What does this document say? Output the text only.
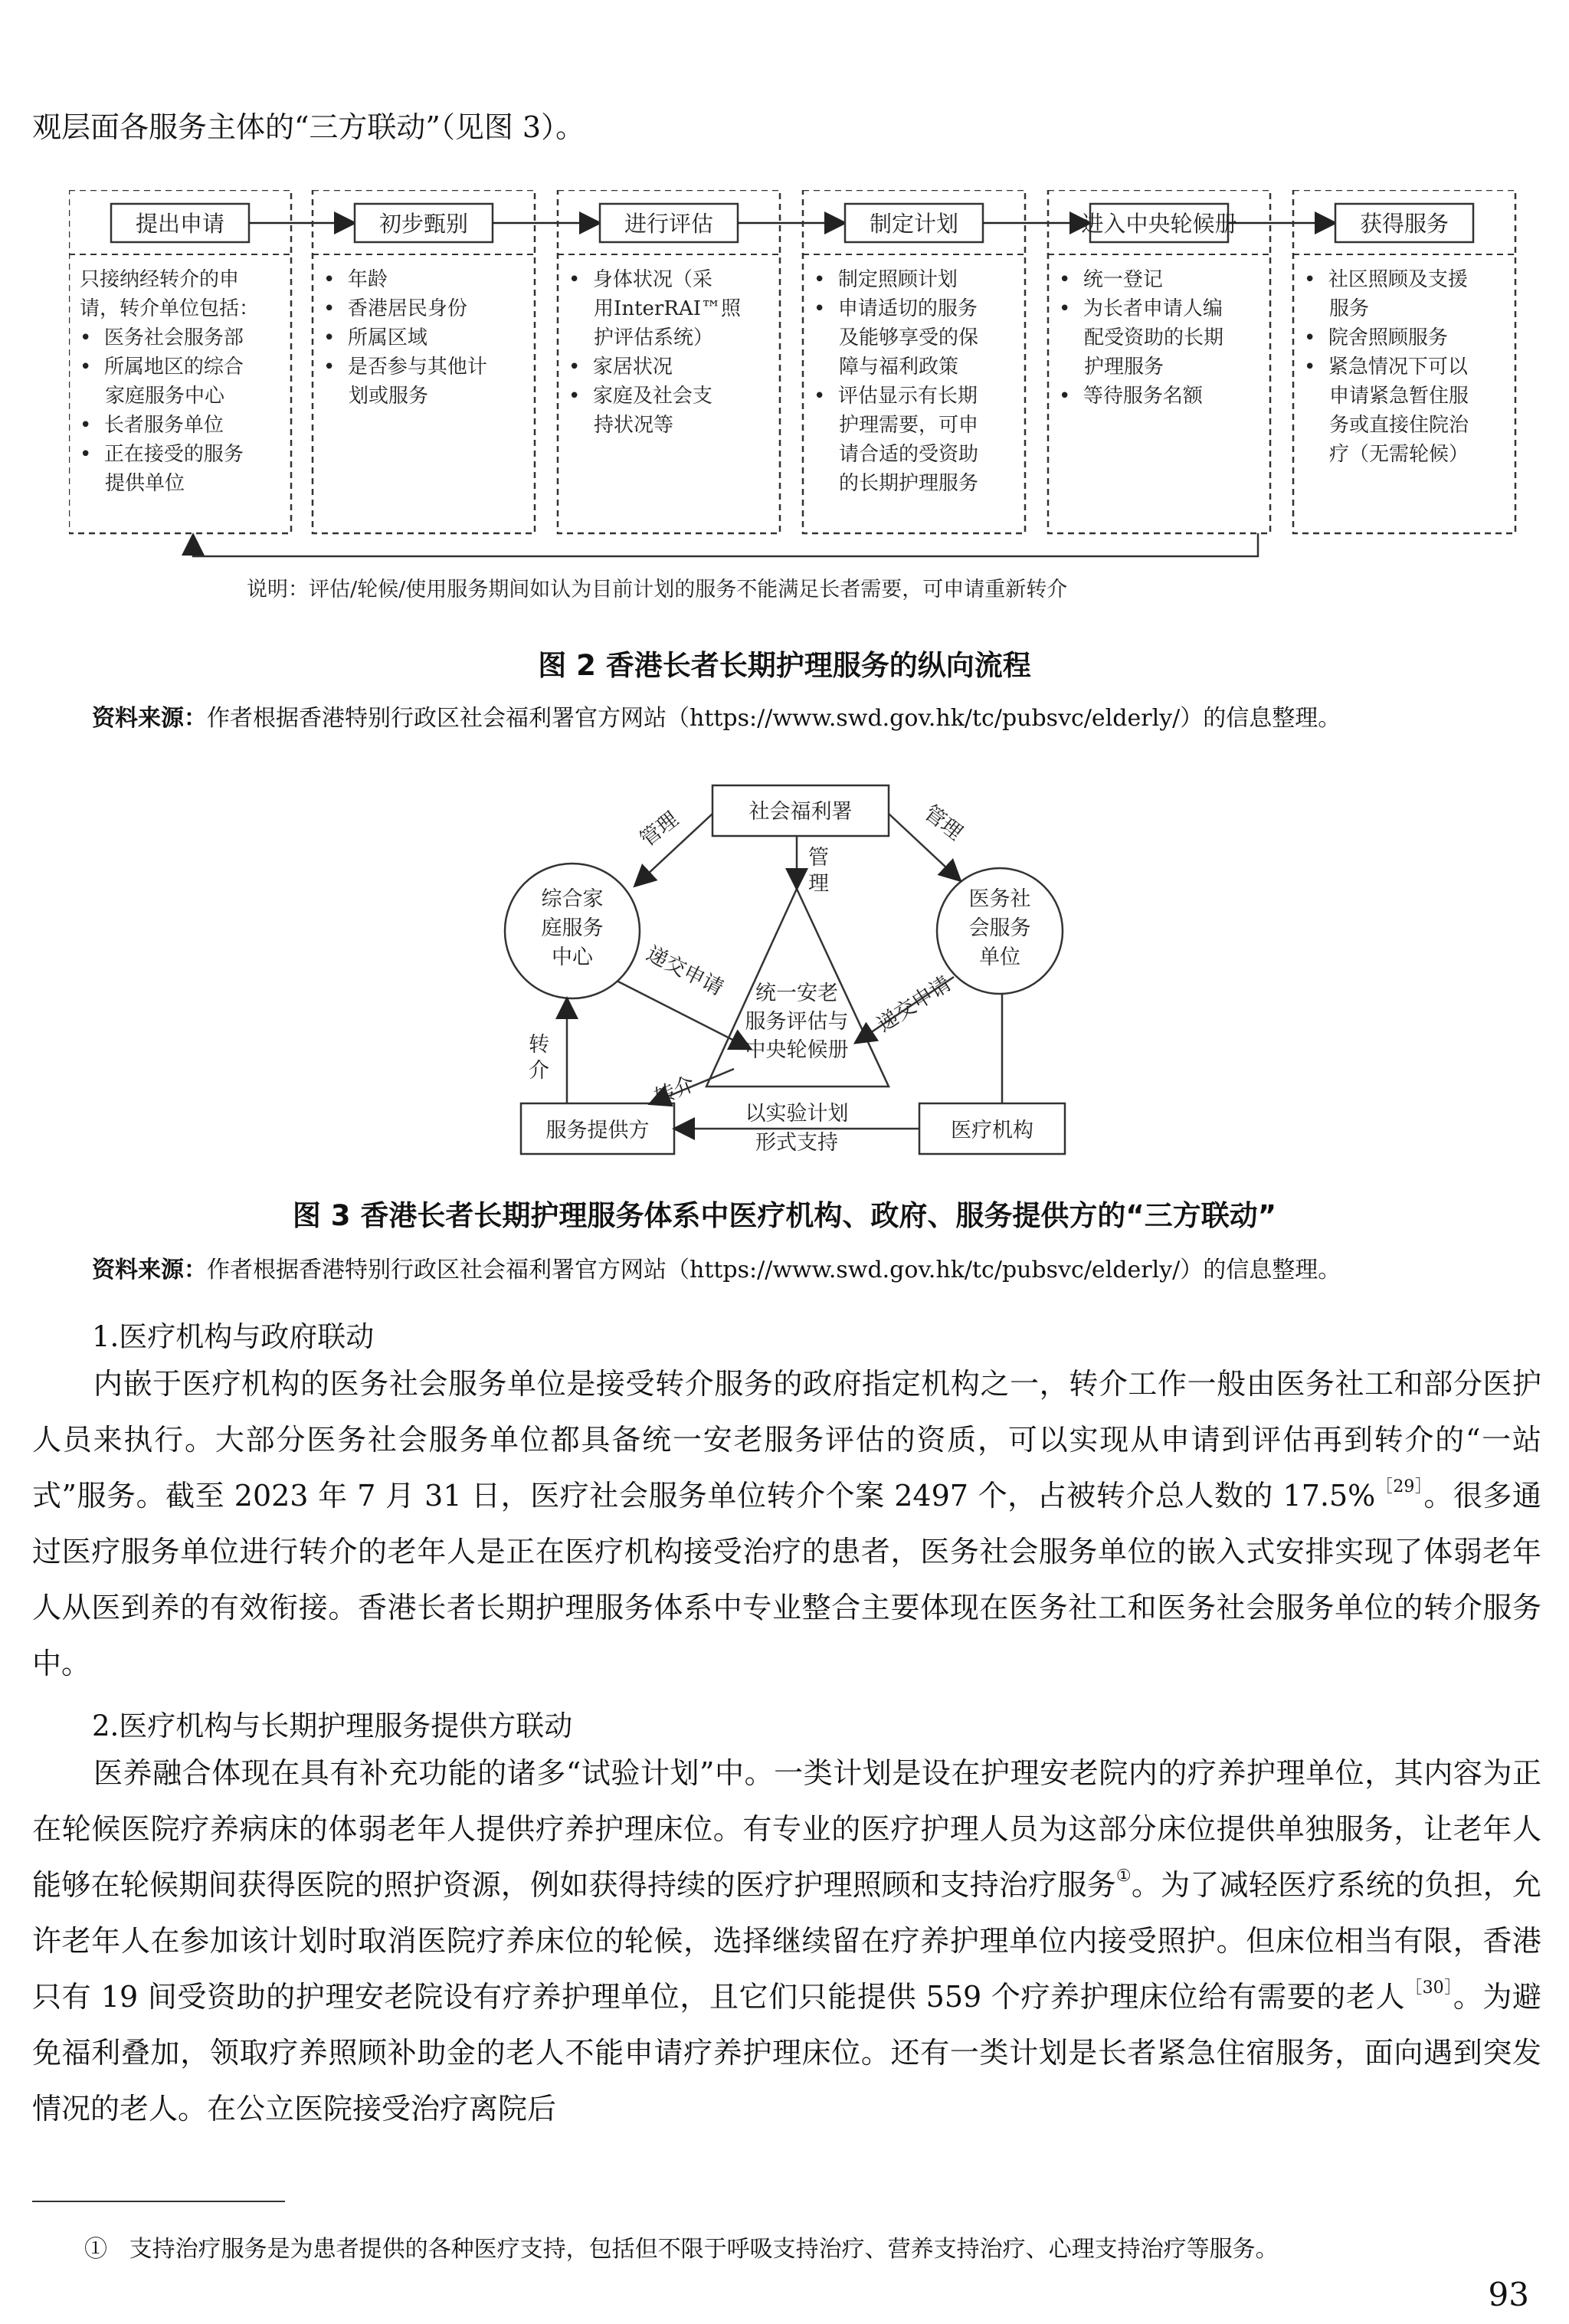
观层面各服务主体的“三方联动”（见图 3）。
提出申请
只接纳经转介的申
请，转介单位包括：
•  医务社会服务部
•  所属地区的综合
家庭服务中心
•  长者服务单位
•  正在接受的服务
提供单位
初步甄别
•  年龄
•  香港居民身份
•  所属区域
•  是否参与其他计
划或服务
进行评估
•  身体状况（采
用InterRAI™照
护评估系统）
•  家居状况
•  家庭及社会支
持状况等
制定计划
•  制定照顾计划
•  申请适切的服务
及能够享受的保
障与福利政策
•  评估显示有长期
护理需要，可申
请合适的受资助
的长期护理服务
进入中央轮候册
•  统一登记
•  为长者申请人编
配受资助的长期
护理服务
•  等待服务名额
获得服务
•  社区照顾及支援
服务
•  院舍照顾服务
•  紧急情况下可以
申请紧急暂住服
务或直接住院治
疗（无需轮候）
说明：评估/轮候/使用服务期间如认为目前计划的服务不能满足长者需要，可申请重新转介
图 2 香港长者长期护理服务的纵向流程
资料来源：作者根据香港特别行政区社会福利署官方网站（https://www.swd.gov.hk/tc/pubsvc/elderly/）的信息整理。
社会福利署
综合家
庭服务
中心
医务社
会服务
单位
统一安老
服务评估与
中央轮候册
服务提供方	医疗机构
管理	管理
管
理
递交申请
递交申请
转介
转
介
以实验计划
形式支持
图 3 香港长者长期护理服务体系中医疗机构、政府、服务提供方的“三方联动”
资料来源：作者根据香港特别行政区社会福利署官方网站（https://www.swd.gov.hk/tc/pubsvc/elderly/）的信息整理。
1.医疗机构与政府联动
内嵌于医疗机构的医务社会服务单位是接受转介服务的政府指定机构之一，转介工作一般由医务社工和部分医护人员来执行。大部分医务社会服务单位都具备统一安老服务评估的资质，可以实现从申请到评估再到转介的“一站式”服务。截至 2023 年 7 月 31 日，医疗社会服务单位转介个案 2497 个，占被转介总人数的 17.5%$^{[29]}$。很多通过医疗服务单位进行转介的老年人是正在医疗机构接受治疗的患者，医务社会服务单位的嵌入式安排实现了体弱老年人从医到养的有效衔接。香港长者长期护理服务体系中专业整合主要体现在医务社工和医务社会服务单位的转介服务中。
2.医疗机构与长期护理服务提供方联动
医养融合体现在具有补充功能的诸多“试验计划”中。一类计划是设在护理安老院内的疗养护理单位，其内容为正在轮候医院疗养病床的体弱老年人提供疗养护理床位。有专业的医疗护理人员为这部分床位提供单独服务，让老年人能够在轮候期间获得医院的照护资源，例如获得持续的医疗护理照顾和支持治疗服务①。为了减轻医疗系统的负担，允许老年人在参加该计划时取消医院疗养床位的轮候，选择继续留在疗养护理单位内接受照护。但床位相当有限，香港只有 19 间受资助的护理安老院设有疗养护理单位，且它们只能提供 559 个疗养护理床位给有需要的老人$^{[30]}$。为避免福利叠加，领取疗养照顾补助金的老人不能申请疗养护理床位。还有一类计划是长者紧急住宿服务，面向遇到突发情况的老人。在公立医院接受治疗离院后
① 支持治疗服务是为患者提供的各种医疗支持，包括但不限于呼吸支持治疗、营养支持治疗、心理支持治疗等服务。
93
